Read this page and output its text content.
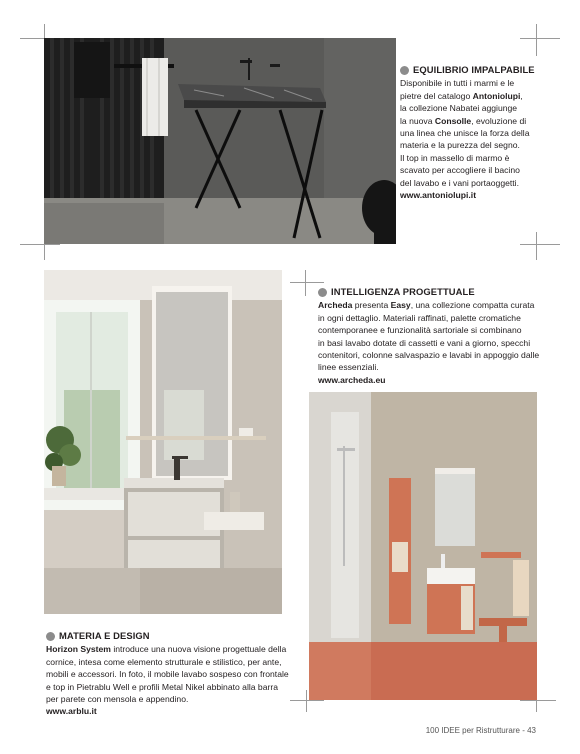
EQUILIBRIO IMPALPABILE
Disponibile in tutti i marmi e le
pietre del catalogo Antoniolupi,
la collezione Nabatei aggiunge
la nuova Consolle, evoluzione di
una linea che unisce la forza della
materia e la purezza del segno.
Il top in massello di marmo è
scavato per accogliere il bacino
del lavabo e i vani portaoggetti.
www.antoniolupi.it
INTELLIGENZA PROGETTUALE
Archeda presenta Easy, una collezione compatta curata
in ogni dettaglio. Materiali raffinati, palette cromatiche
contemporanee e funzionalità sartoriale si combinano
in basi lavabo dotate di cassetti e vani a giorno, specchi
contenitori, colonne salvaspazio e lavabi in appoggio dalle
linee essenziali.
www.archeda.eu
MATERIA E DESIGN
Horizon System introduce una nuova visione progettuale della
cornice, intesa come elemento strutturale e stilistico, per ante,
mobili e accessori. In foto, il mobile lavabo sospeso con frontale
e top in Pietrablu Well e profili Metal Nikel abbinato alla barra
per parete con mensola e appendino.
www.arblu.it
100 IDEE per Ristrutturare - 43
